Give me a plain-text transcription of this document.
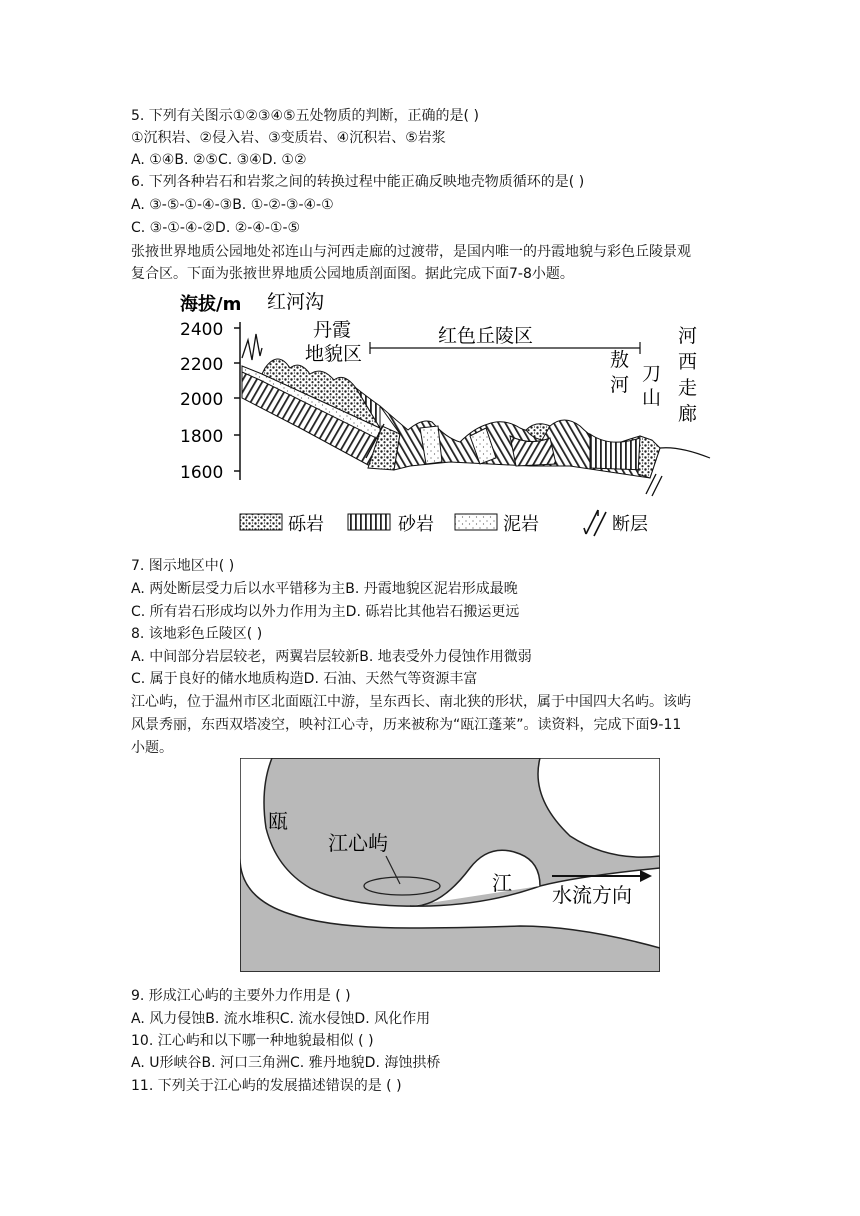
5. 下列有关图示①②③④⑤五处物质的判断，正确的是( )
①沉积岩、②侵入岩、③变质岩、④沉积岩、⑤岩浆
A. ①④B. ②⑤C. ③④D. ①②
6. 下列各种岩石和岩浆之间的转换过程中能正确反映地壳物质循环的是( )
A. ③-⑤-①-④-③B. ①-②-③-④-①
C. ③-①-④-②D. ②-④-①-⑤
张掖世界地质公园地处祁连山与河西走廊的过渡带，是国内唯一的丹霞地貌与彩色丘陵景观
复合区。下面为张掖世界地质公园地质剖面图。据此完成下面7-8小题。
海拔/m
2400
2200
2000
1800
1600
红河沟
丹霞
地貌区
红色丘陵区
敖
河 刀
山
河
西
走
廊
砾岩	砂岩	泥岩	断层
7. 图示地区中( )
A. 两处断层受力后以水平错移为主B. 丹霞地貌区泥岩形成最晚
C. 所有岩石形成均以外力作用为主D. 砾岩比其他岩石搬运更远
8. 该地彩色丘陵区( )
A. 中间部分岩层较老，两翼岩层较新B. 地表受外力侵蚀作用微弱
C. 属于良好的储水地质构造D. 石油、天然气等资源丰富
江心屿，位于温州市区北面瓯江中游，呈东西长、南北狭的形状，属于中国四大名屿。该屿
风景秀丽，东西双塔凌空，映衬江心寺，历来被称为“瓯江蓬莱”。读资料，完成下面9-11
小题。
瓯
江心屿
江 水流方向
9. 形成江心屿的主要外力作用是 ( )
A. 风力侵蚀B. 流水堆积C. 流水侵蚀D. 风化作用
10. 江心屿和以下哪一种地貌最相似 ( )
A. U形峡谷B. 河口三角洲C. 雅丹地貌D. 海蚀拱桥
11. 下列关于江心屿的发展描述错误的是 ( )
